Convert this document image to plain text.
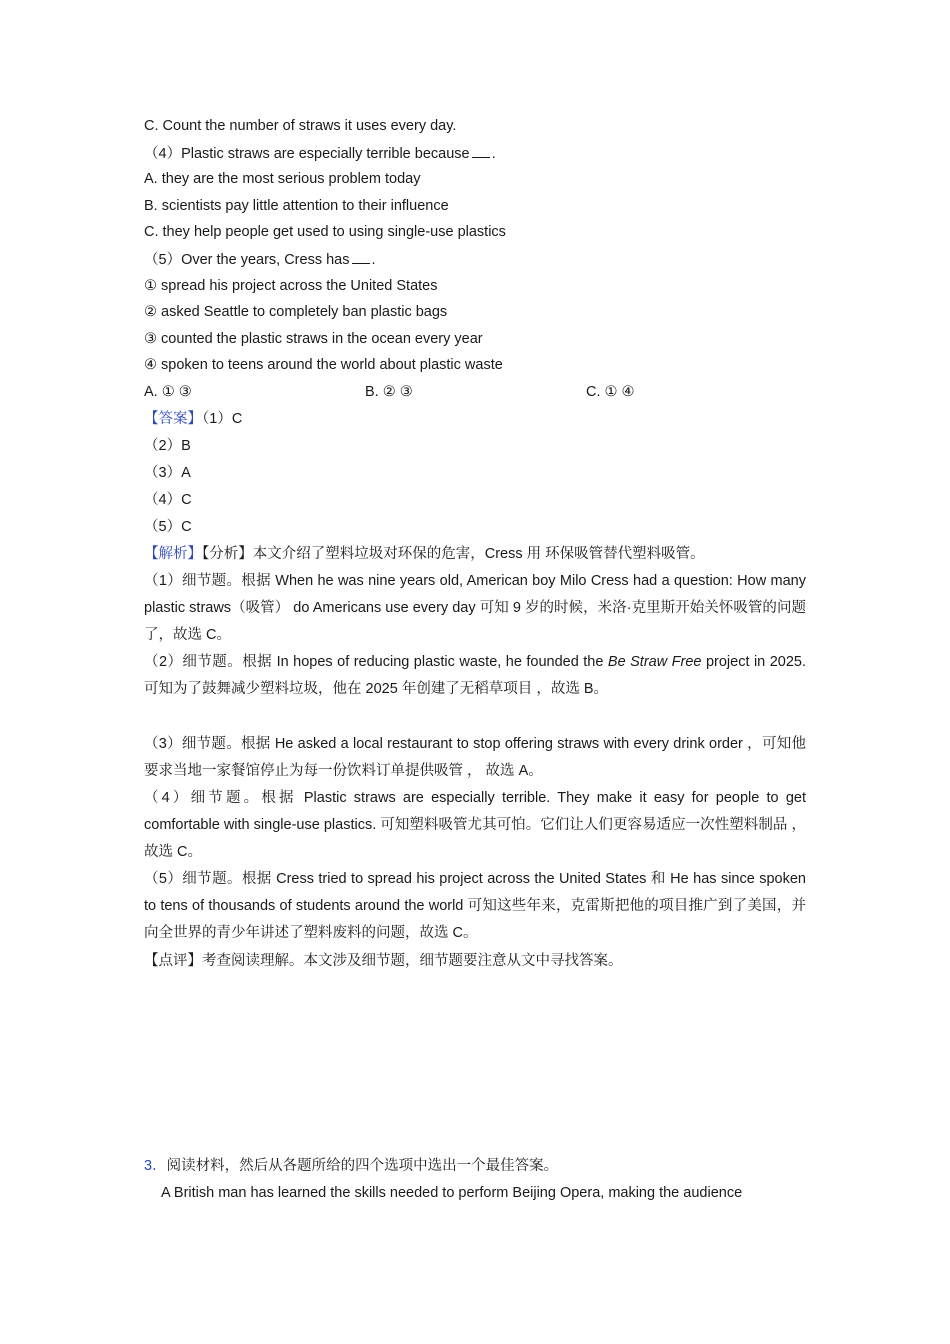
C. Count the number of straws it uses every day.
（4）Plastic straws are especially terrible because .
A. they are the most serious problem today
B. scientists pay little attention to their influence
C. they help people get used to using single-use plastics
（5）Over the years, Cress has .
① spread his project across the United States
② asked Seattle to completely ban plastic bags
③ counted the plastic straws in the ocean every year
④ spoken to teens around the world about plastic waste
A. ① ③	B. ② ③	C. ① ④
【答案】（1）C
（2）B
（3）A
（4）C
（5）C
【解析】【分析】本文介绍了塑料垃圾对环保的危害，Cress 用 环保吸管替代塑料吸管。
（1）细节题。根据 When he was nine years old, American boy Milo Cress had a question: How many plastic straws（吸管） do Americans use every day 可知 9 岁的时候，米洛·克里斯开始关怀吸管的问题了，故选 C。
（2）细节题。根据 In hopes of reducing plastic waste, he founded the Be Straw Free project in 2025. 可知为了鼓舞减少塑料垃圾，他在 2025 年创建了无稻草项目 ，故选 B。
（3）细节题。根据 He asked a local restaurant to stop offering straws with every drink order ，可知他要求当地一家餐馆停止为每一份饮料订单提供吸管 ， 故选 A。
（4）细节题。根据 Plastic straws are especially terrible. They make it easy for people to get comfortable with single-use plastics. 可知塑料吸管尤其可怕。它们让人们更容易适应一次性塑料制品 ， 故选 C。
（5）细节题。根据 Cress tried to spread his project across the United States 和 He has since spoken to tens of thousands of students around the world 可知这些年来，克雷斯把他的项目推广到了美国，并向全世界的青少年讲述了塑料废料的问题，故选 C。
【点评】考查阅读理解。本文涉及细节题，细节题要注意从文中寻找答案。
3．阅读材料，然后从各题所给的四个选项中选出一个最佳答案。
A British man has learned the skills needed to perform Beijing Opera, making the audience
